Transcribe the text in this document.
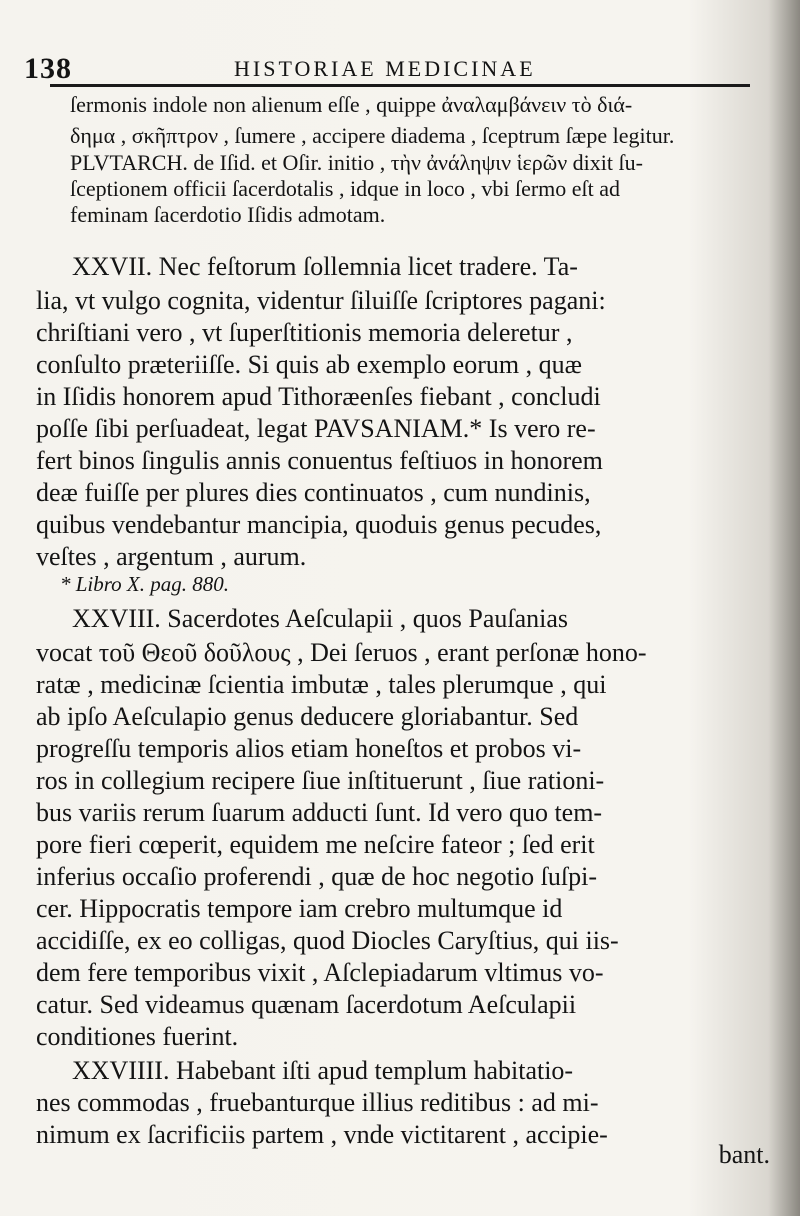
138	HISTORIAE MEDICINAE
ſermonis indole non alienum eſſe , quippe ἀναλαμβάνειν τὸ διά-
δημα , σκῆπτρον , ſumere , accipere diadema , ſceptrum ſæpe legitur.
PLVTARCH. de Iſid. et Oſir. initio , τὴν ἀνάληψιν ἱερῶν dixit ſu-
ſceptionem officii ſacerdotalis , idque in loco , vbi ſermo eſt ad
feminam ſacerdotio Iſidis admotam.
XXVII. Nec feſtorum ſollemnia licet tradere. Ta-
lia, vt vulgo cognita, videntur ſiluiſſe ſcriptores pagani:
chriſtiani vero , vt ſuperſtitionis memoria deleretur ,
conſulto præteriiſſe. Si quis ab exemplo eorum , quæ
in Iſidis honorem apud Tithoræenſes fiebant , concludi
poſſe ſibi perſuadeat, legat PAVSANIAM.* Is vero re-
fert binos ſingulis annis conuentus feſtiuos in honorem
deæ fuiſſe per plures dies continuatos , cum nundinis,
quibus vendebantur mancipia, quoduis genus pecudes,
veſtes , argentum , aurum.
* Libro X. pag. 880.
XXVIII. Sacerdotes Aeſculapii , quos Pauſanias
vocat τοῦ Θεοῦ δοῦλους , Dei ſeruos , erant perſonæ hono-
ratæ , medicinæ ſcientia imbutæ , tales plerumque , qui
ab ipſo Aeſculapio genus deducere gloriabantur. Sed
progreſſu temporis alios etiam honeſtos et probos vi-
ros in collegium recipere ſiue inſtituerunt , ſiue rationi-
bus variis rerum ſuarum adducti ſunt. Id vero quo tem-
pore fieri cœperit, equidem me neſcire fateor ; ſed erit
inferius occaſio proferendi , quæ de hoc negotio ſuſpi-
cer. Hippocratis tempore iam crebro multumque id
accidiſſe, ex eo colligas, quod Diocles Caryſtius, qui iis-
dem fere temporibus vixit , Aſclepiadarum vltimus vo-
catur. Sed videamus quænam ſacerdotum Aeſculapii
conditiones fuerint.
XXVIIII. Habebant iſti apud templum habitatio-
nes commodas , fruebanturque illius reditibus : ad mi-
nimum ex ſacrificiis partem , vnde victitarent , accipie-
bant.
